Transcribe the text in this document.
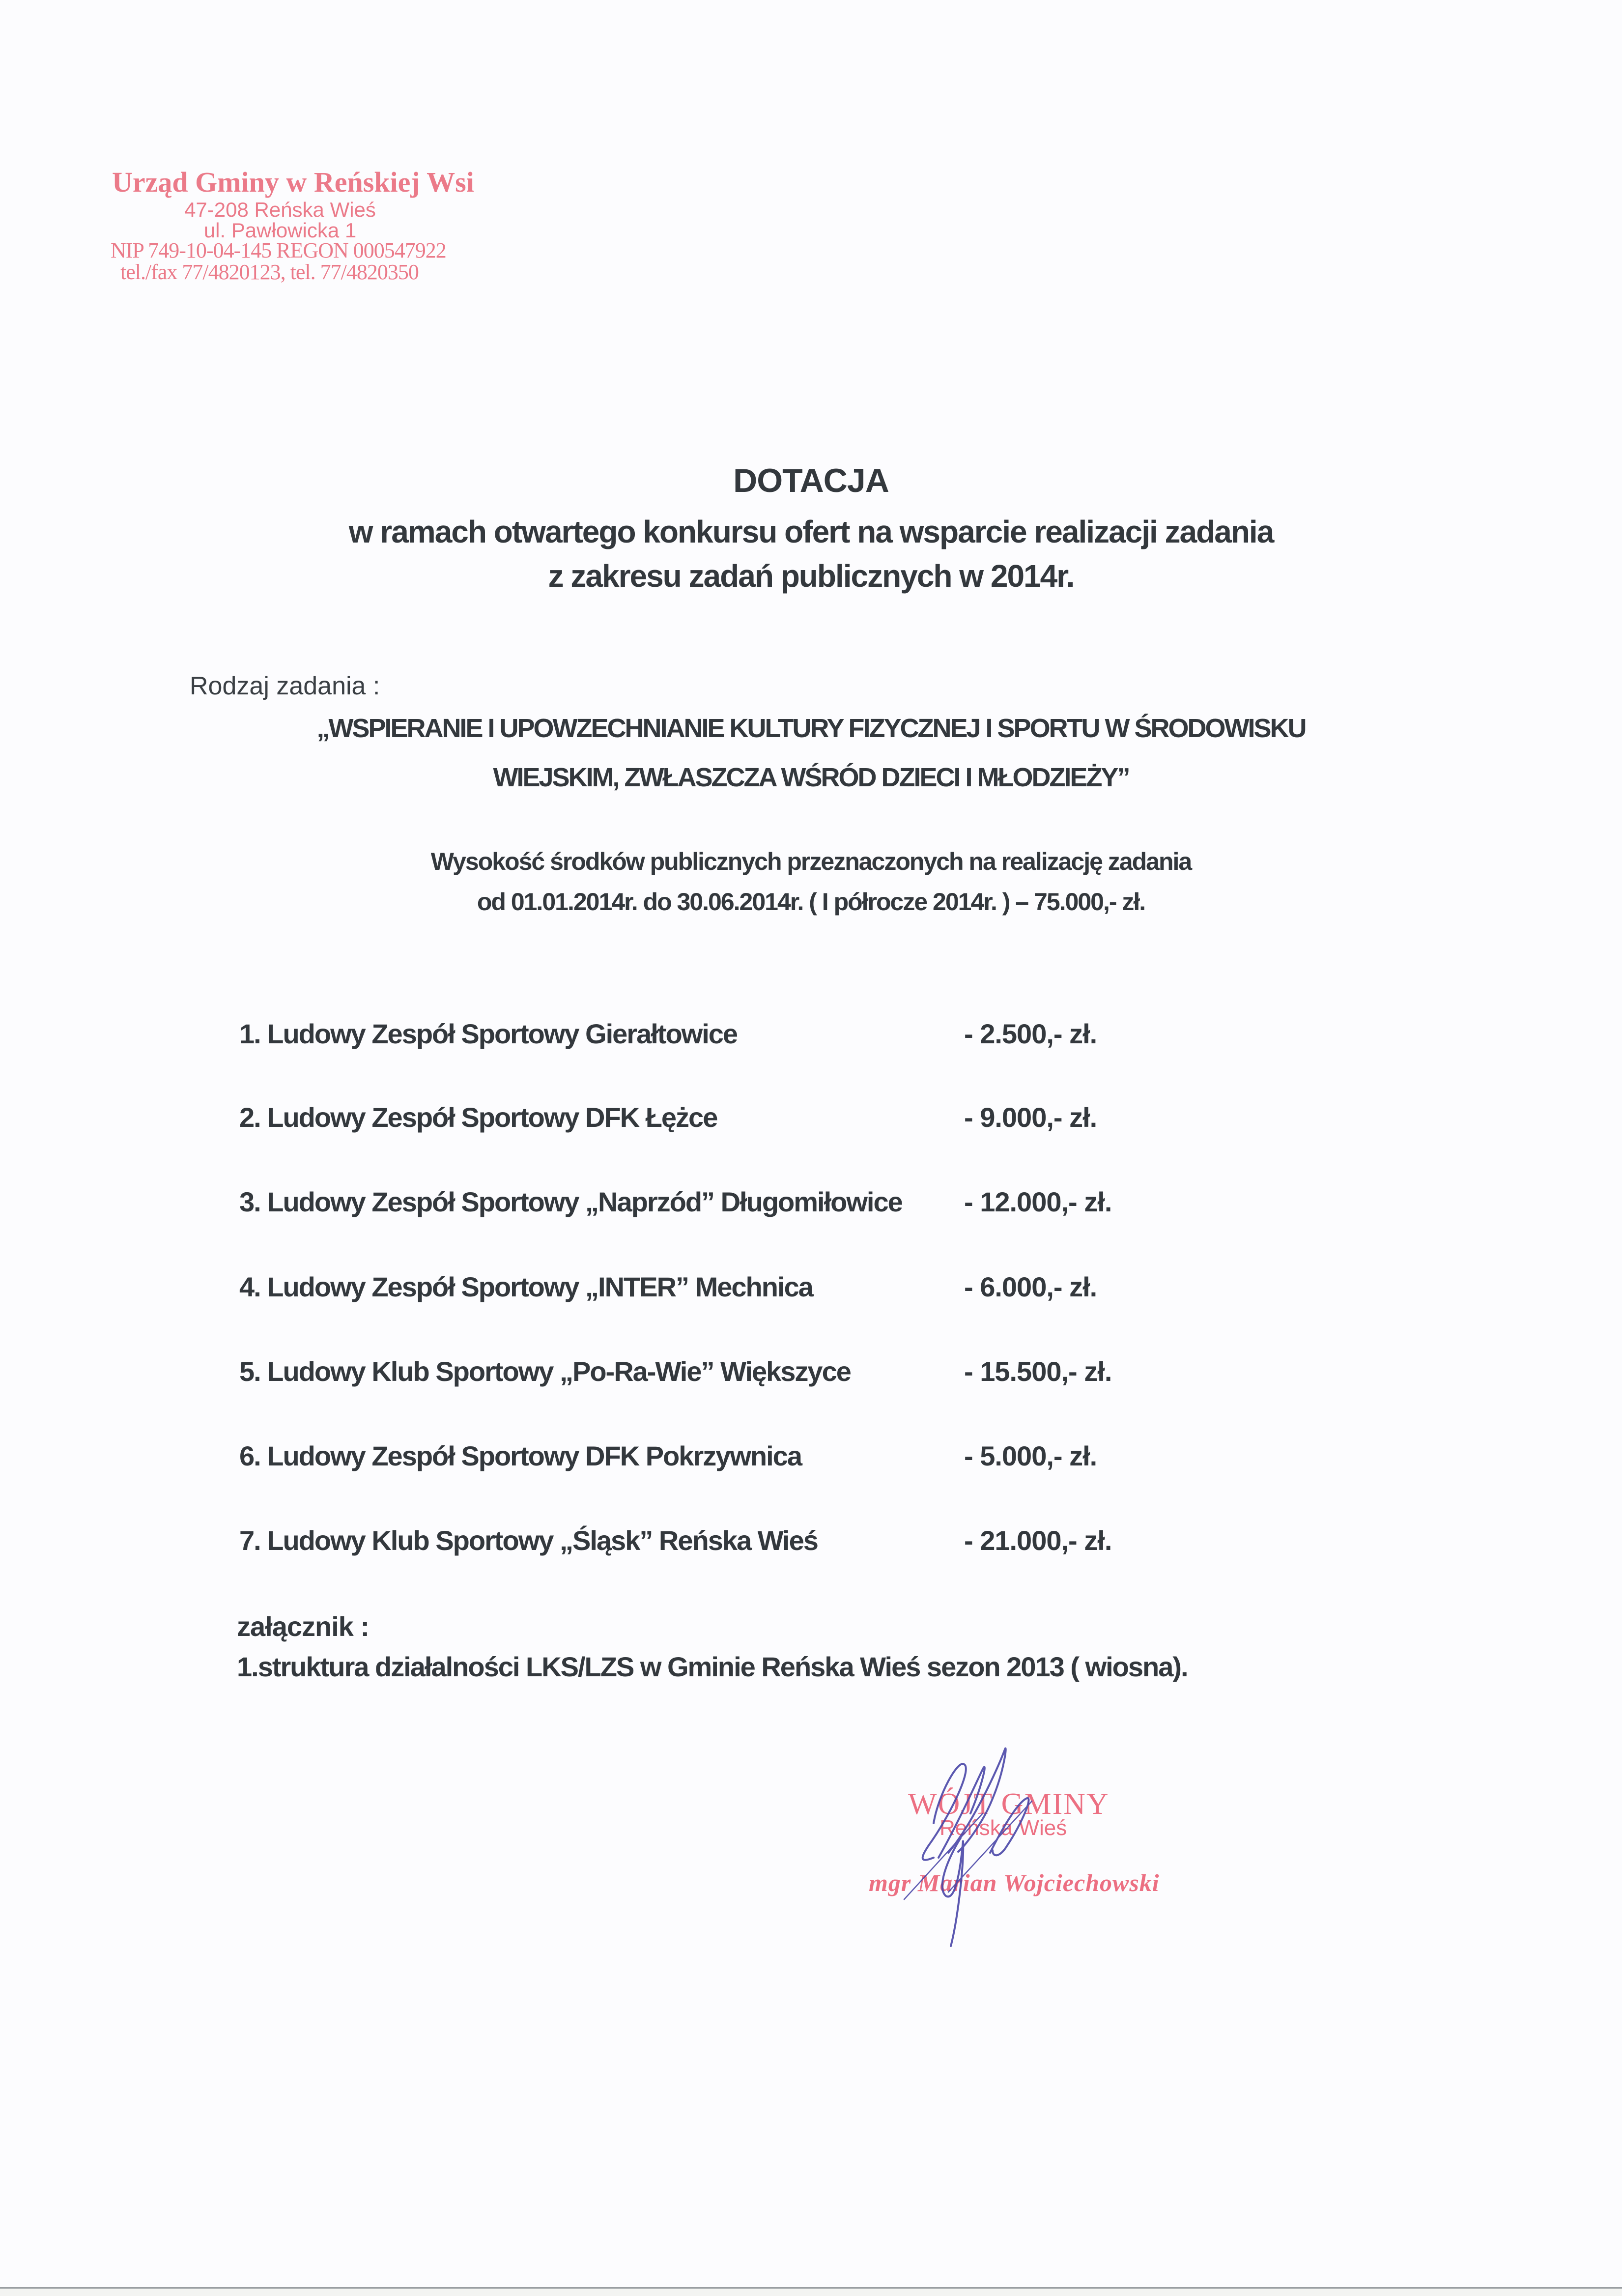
Urząd Gminy w Reńskiej Wsi
47-208 Reńska Wieś
ul. Pawłowicka 1
NIP 749-10-04-145 REGON 000547922
tel./fax 77/4820123, tel. 77/4820350
DOTACJA
w ramach otwartego konkursu ofert na wsparcie realizacji zadania
z zakresu zadań publicznych w 2014r.
Rodzaj zadania :
„WSPIERANIE I UPOWZECHNIANIE KULTURY FIZYCZNEJ I SPORTU W ŚRODOWISKU
WIEJSKIM, ZWŁASZCZA WŚRÓD DZIECI I MŁODZIEŻY”
Wysokość środków publicznych przeznaczonych na realizację zadania
od 01.01.2014r. do 30.06.2014r. ( I półrocze 2014r. ) – 75.000,- zł.
1. Ludowy Zespół Sportowy Gierałtowice	- 2.500,- zł.
2. Ludowy Zespół Sportowy DFK Łężce	- 9.000,- zł.
3. Ludowy Zespół Sportowy „Naprzód” Długomiłowice - 12.000,- zł.
4. Ludowy Zespół Sportowy „INTER” Mechnica	- 6.000,- zł.
5. Ludowy Klub Sportowy „Po-Ra-Wie” Większyce	- 15.500,- zł.
6. Ludowy Zespół Sportowy DFK Pokrzywnica	- 5.000,- zł.
7. Ludowy Klub Sportowy „Śląsk” Reńska Wieś	- 21.000,- zł.
załącznik :
1.struktura działalności LKS/LZS w Gminie Reńska Wieś sezon 2013 ( wiosna).
WÓJT GMINY
Reńska Wieś
mgr Marian Wojciechowski
